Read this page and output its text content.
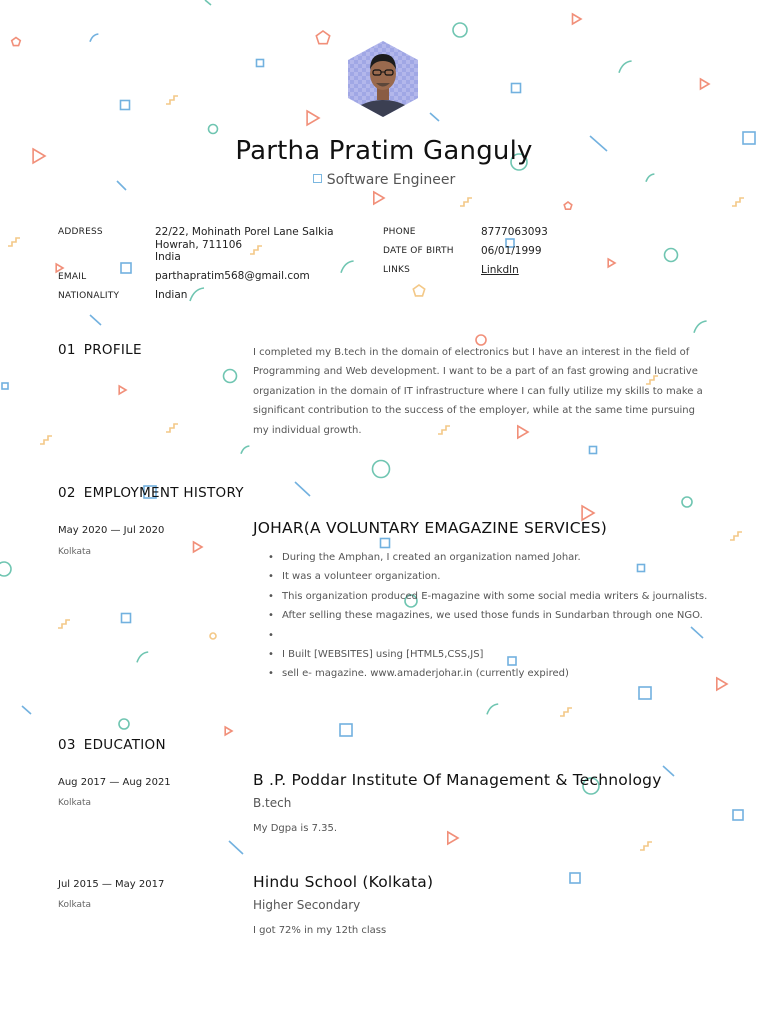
Partha Pratim Ganguly
Software Engineer
ADDRESS	22/22, Mohinath Porel Lane Salkia
Howrah, 711106
India
EMAIL	parthapratim568@gmail.com
NATIONALITY	Indian
PHONE	8777063093
DATE OF BIRTH	06/01/1999
LINKS	Linkdln
01 PROFILE	I completed my B.tech in the domain of electronics but I have an interest in the field of Programming and Web development. I want to be a part of an fast growing and lucrative organization in the domain of IT infrastructure where I can fully utilize my skills to make a significant contribution to the success of the employer, while at the same time pursuing my individual growth.
02 EMPLOYMENT HISTORY
May 2020 — Jul 2020
Kolkata
JOHAR(A VOLUNTARY EMAGAZINE SERVICES)
• During the Amphan, I created an organization named Johar.
• It was a volunteer organization.
• This organization produced E-magazine with some social media writers & journalists.
• After selling these magazines, we used those funds in Sundarban through one NGO.
•
• I Built [WEBSITES] using [HTML5,CSS,JS]
• sell e- magazine. www.amaderjohar.in (currently expired)
03 EDUCATION
Aug 2017 — Aug 2021
Kolkata
B .P. Poddar Institute Of Management & Technology
B.tech
My Dgpa is 7.35.
Jul 2015 — May 2017
Kolkata
Hindu School (Kolkata)
Higher Secondary
I got 72% in my 12th class
